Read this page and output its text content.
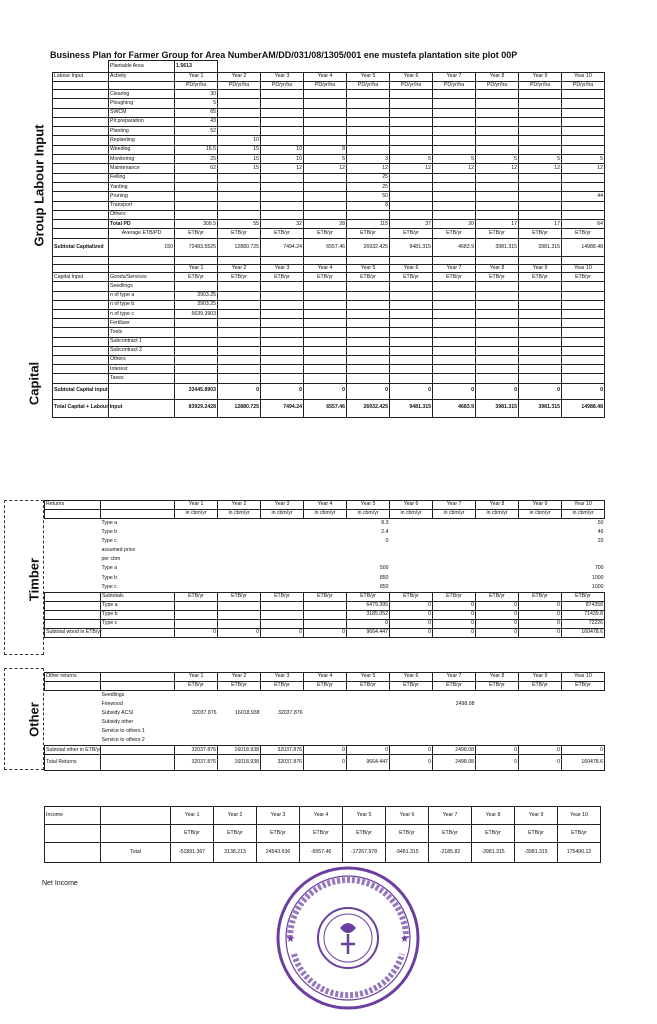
Business Plan for Farmer Group for Area NumberAM/DD/031/08/1305/001 ene mustefa plantation site plot 00P
Group Labour Input
Capital
Timber
Other
	Plantable Area	1.5613									
Labour Input	Activity	Year 1	Year 2	Year 3	Year 4	Year 5	Year 6	Year 7	Year 8	Year 9	Year 10
		PD/yr/ha	PD/yr/ha	PD/yr/ha	PD/yr/ha	PD/yr/ha	PD/yr/ha	PD/yr/ha	PD/yr/ha	PD/yr/ha	PD/yr/ha
	Clearing	30									
	Ploughing	5									
	SWCM	65									
	Pit preparation	43									
	Planting	52									
	Replanting		10								
	Weeding	16.5	15	10	8						
	Monitoring	25	15	10	5	3	5	5	5	5	5
	Maintenance	62	15	12	12	12	12	12	12	12	12
	Felling					25					
	Yarding					25					
	Pruning					50					44
	Transport					8					
	Others										
	Total PD	309.5	55	32	28	115	37	20	17	17	64
	Average ETB/PD	ETB/yr	ETB/yr	ETB/yr	ETB/yr	ETB/yr	ETB/yr	ETB/yr	ETB/yr	ETB/yr	ETB/yr
Subtotal Capitalized	150	72483.5525	12880.725	7494.24	6557.46	26932.425	9481.315	4683.9	3981.315	3981.315	14988.48

		Year 1	Year 2	Year 3	Year 4	Year 5	Year 6	Year 7	Year 8	Year 9	Year 10
Capital Input	Goods/Services	ETB/yr	ETB/yr	ETB/yr	ETB/yr	ETB/yr	ETB/yr	ETB/yr	ETB/yr	ETB/yr	ETB/yr
	Seedlings										
	n of type a	3903.25									
	n of type b	3903.25									
	n of type c	5639.3903									
	Fertilizer										
	Tools										
	Subcontract 1										
	Subcontract 2										
	Others										
	Interest										
	Taxes										
Subtotal Capital input		33445.8903	0	0	0	0	0	0	0	0	0
Total Capital + Labour Input		83929.2428	12880.725	7494.24	6557.46	26932.425	9481.315	4683.9	3981.315	3981.315	14988.48
Returns		Year 1	Year 2	Year 3	Year 4	Year 5	Year 6	Year 7	Year 8	Year 9	Year 10
		in cbm/yr	in cbm/yr	in cbm/yr	in cbm/yr	in cbm/yr	in cbm/yr	in cbm/yr	in cbm/yr	in cbm/yr	in cbm/yr
	Type a					8.3					50
	Type b					2.4					46
	Type c					0					20
	assumed price										
	per cbm										
	Type a					500					700
	Type b					850					1000
	Type c					850					1000
	Subtotals	ETB/yr	ETB/yr	ETB/yr	ETB/yr	ETB/yr	ETB/yr	ETB/yr	ETB/yr	ETB/yr	ETB/yr
	Type a					6479.395	0	0	0	0	874358
	Type b					3185.052	0	0	0	0	71439.8
	Type c					0	0	0	0	0	72226
Subtotal wood in ETB/yr		0	0	0	0	9664.447	0	0	0	0	160478.6
Other returns		Year 1	Year 2	Year 3	Year 4	Year 5	Year 6	Year 7	Year 8	Year 9	Year 10
		ETB/yr	ETB/yr	ETB/yr	ETB/yr	ETB/yr	ETB/yr	ETB/yr	ETB/yr	ETB/yr	ETB/yr
	Seedlings										
	Firewood							2498.08			
	Subsidy ACSI	32037.876	16018.938	32037.876							
	Subsidy other										
	Service to others 1										
	Service to others 2										
Subtotal other in ETB/yr		32037.876	16018.938	32037.876	0	0	0	2498.08	0	0	0
Total Returns		32037.876	16018.938	32037.876	0	9664.447	0	2498.08	0	0	160478.6
Income		Year 1	Year 2	Year 3	Year 4	Year 5	Year 6	Year 7	Year 8	Year 9	Year 10
		ETB/yr	ETB/yr	ETB/yr	ETB/yr	ETB/yr	ETB/yr	ETB/yr	ETB/yr	ETB/yr	ETB/yr
	Total	-51891.367	3138.213	24543.636	-6557.46	-17267.978	-9481.315	-2185.82	-3981.315	-3981.315	175490.12
Net Income
★	★
